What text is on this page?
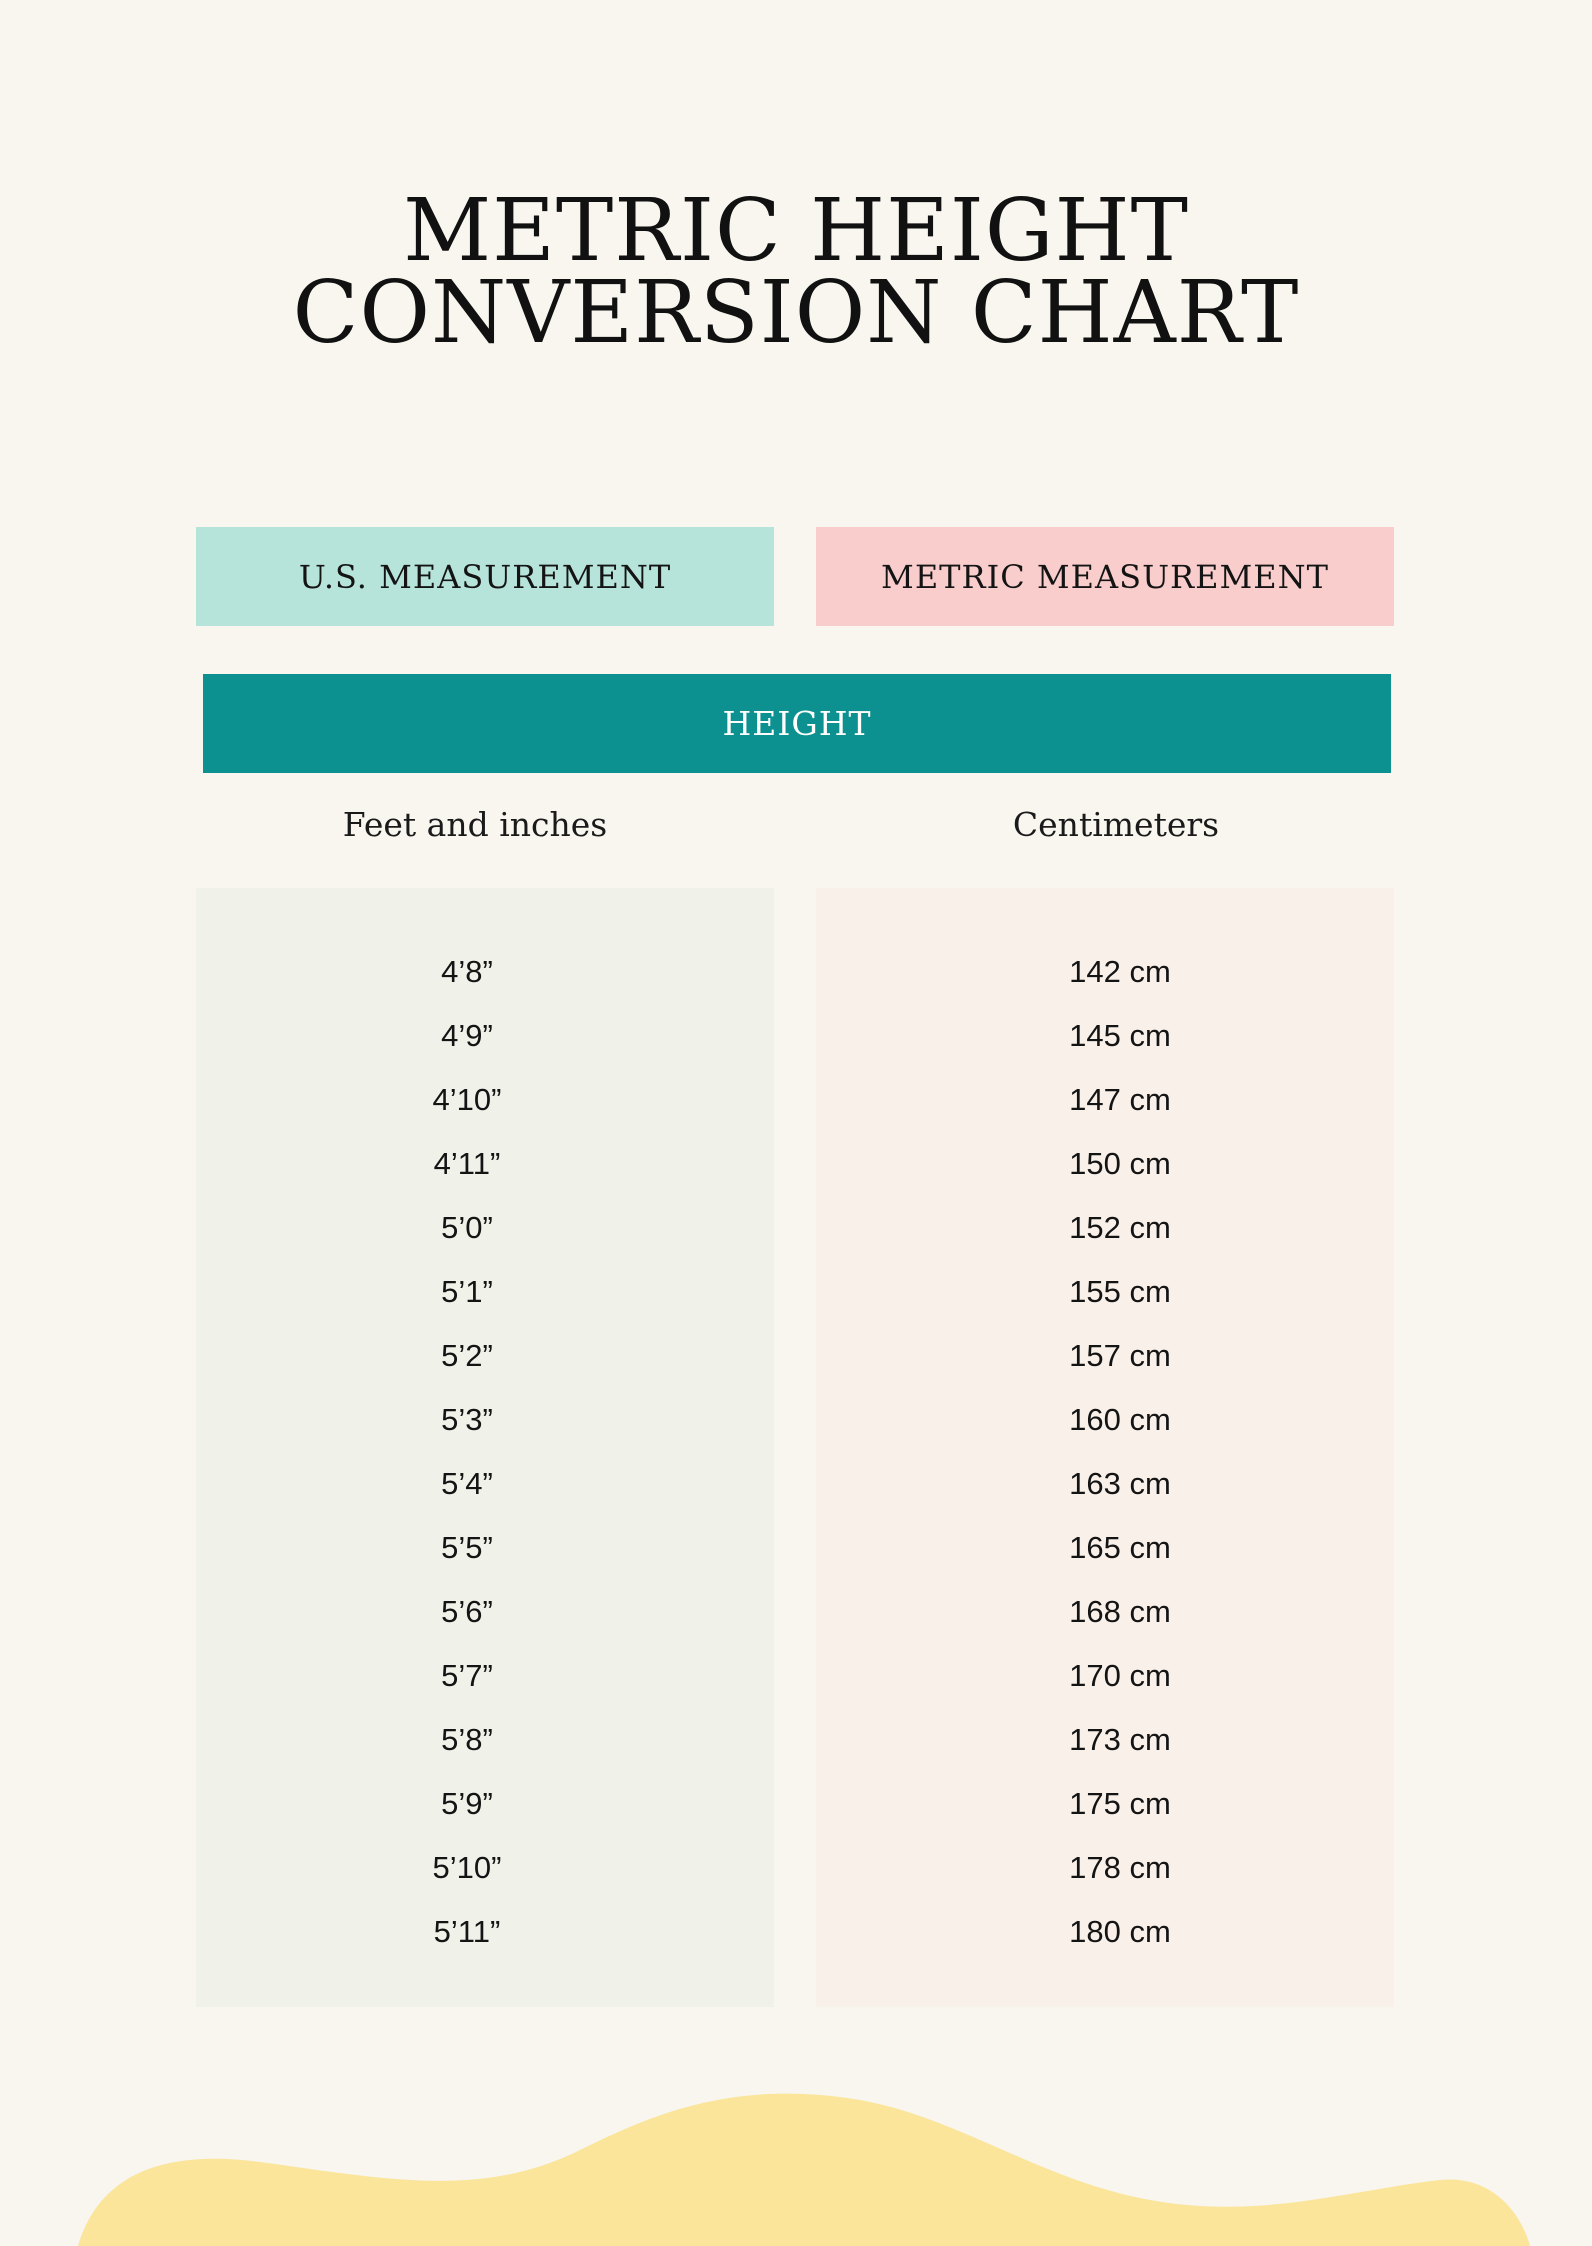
METRIC HEIGHT
CONVERSION CHART
U.S. MEASUREMENT	METRIC MEASUREMENT
HEIGHT
Feet and inches	Centimeters
4’8”
4’9”
4’10”
4’11”
5’0”
5’1”
5’2”
5’3”
5’4”
5’5”
5’6”
5’7”
5’8”
5’9”
5’10”
5’11”
142 cm
145 cm
147 cm
150 cm
152 cm
155 cm
157 cm
160 cm
163 cm
165 cm
168 cm
170 cm
173 cm
175 cm
178 cm
180 cm
